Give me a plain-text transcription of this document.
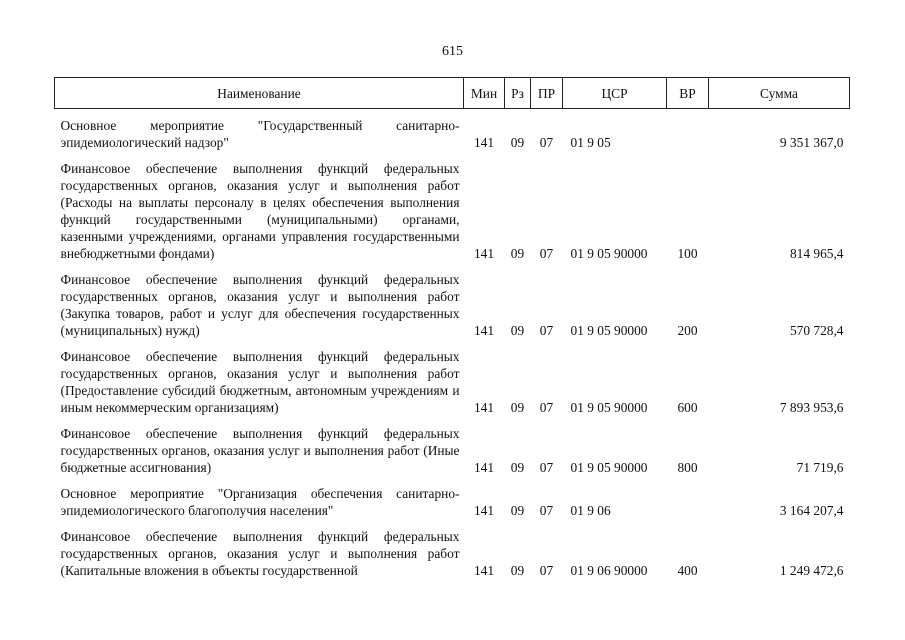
615
Наименование	Мин	Рз	ПР	ЦСР	ВР	Сумма
Основное мероприятие "Государственный санитарно-эпидемиологический надзор"	141	09	07	01 9 05		9 351 367,0
Финансовое обеспечение выполнения функций федеральных государственных органов, оказания услуг и выполнения работ (Расходы на выплаты персоналу в целях обеспечения выполнения функций государственными (муниципальными) органами, казенными учреждениями, органами управления государственными внебюджетными фондами)	141	09	07	01 9 05 90000	100	814 965,4
Финансовое обеспечение выполнения функций федеральных государственных органов, оказания услуг и выполнения работ (Закупка товаров, работ и услуг для обеспечения государственных (муниципальных) нужд)	141	09	07	01 9 05 90000	200	570 728,4
Финансовое обеспечение выполнения функций федеральных государственных органов, оказания услуг и выполнения работ (Предоставление субсидий бюджетным, автономным учреждениям и иным некоммерческим организациям)	141	09	07	01 9 05 90000	600	7 893 953,6
Финансовое обеспечение выполнения функций федеральных государственных органов, оказания услуг и выполнения работ (Иные бюджетные ассигнования)	141	09	07	01 9 05 90000	800	71 719,6
Основное мероприятие "Организация обеспечения санитарно-эпидемиологического благополучия населения"	141	09	07	01 9 06		3 164 207,4
Финансовое обеспечение выполнения функций федеральных государственных органов, оказания услуг и выполнения работ (Капитальные вложения в объекты государственной	141	09	07	01 9 06 90000	400	1 249 472,6
